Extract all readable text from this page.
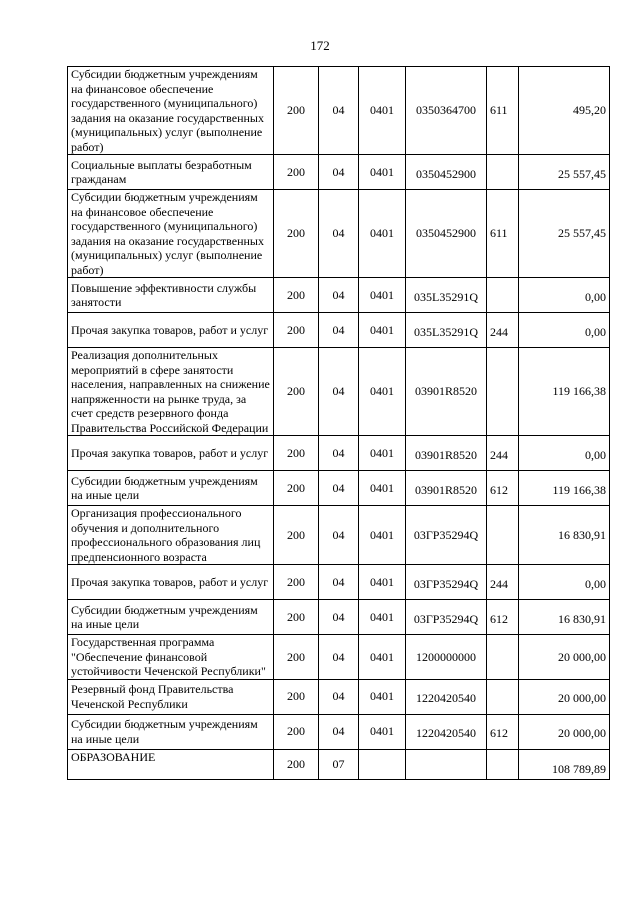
172
Субсидии бюджетным учреждениям на финансовое обеспечение государственного (муниципального) задания на оказание государственных (муниципальных) услуг (выполнение работ)	200	04	0401	0350364700	611	495,20
Социальные выплаты безработным гражданам	200	04	0401	0350452900		25 557,45
Субсидии бюджетным учреждениям на финансовое обеспечение государственного (муниципального) задания на оказание государственных (муниципальных) услуг (выполнение работ)	200	04	0401	0350452900	611	25 557,45
Повышение эффективности службы занятости	200	04	0401	035L35291Q		0,00
Прочая закупка товаров, работ и услуг	200	04	0401	035L35291Q	244	0,00
Реализация дополнительных мероприятий в сфере занятости населения, направленных на снижение напряженности на рынке труда, за счет средств резервного фонда Правительства Российской Федерации	200	04	0401	03901R8520		119 166,38
Прочая закупка товаров, работ и услуг	200	04	0401	03901R8520	244	0,00
Субсидии бюджетным учреждениям на иные цели	200	04	0401	03901R8520	612	119 166,38
Организация профессионального обучения и дополнительного профессионального образования лиц предпенсионного возраста	200	04	0401	03ГР35294Q		16 830,91
Прочая закупка товаров, работ и услуг	200	04	0401	03ГР35294Q	244	0,00
Субсидии бюджетным учреждениям на иные цели	200	04	0401	03ГР35294Q	612	16 830,91
Государственная программа "Обеспечение финансовой устойчивости Чеченской Республики"	200	04	0401	1200000000		20 000,00
Резервный фонд Правительства Чеченской Республики	200	04	0401	1220420540		20 000,00
Субсидии бюджетным учреждениям на иные цели	200	04	0401	1220420540	612	20 000,00
ОБРАЗОВАНИЕ	200	07				108 789,89
